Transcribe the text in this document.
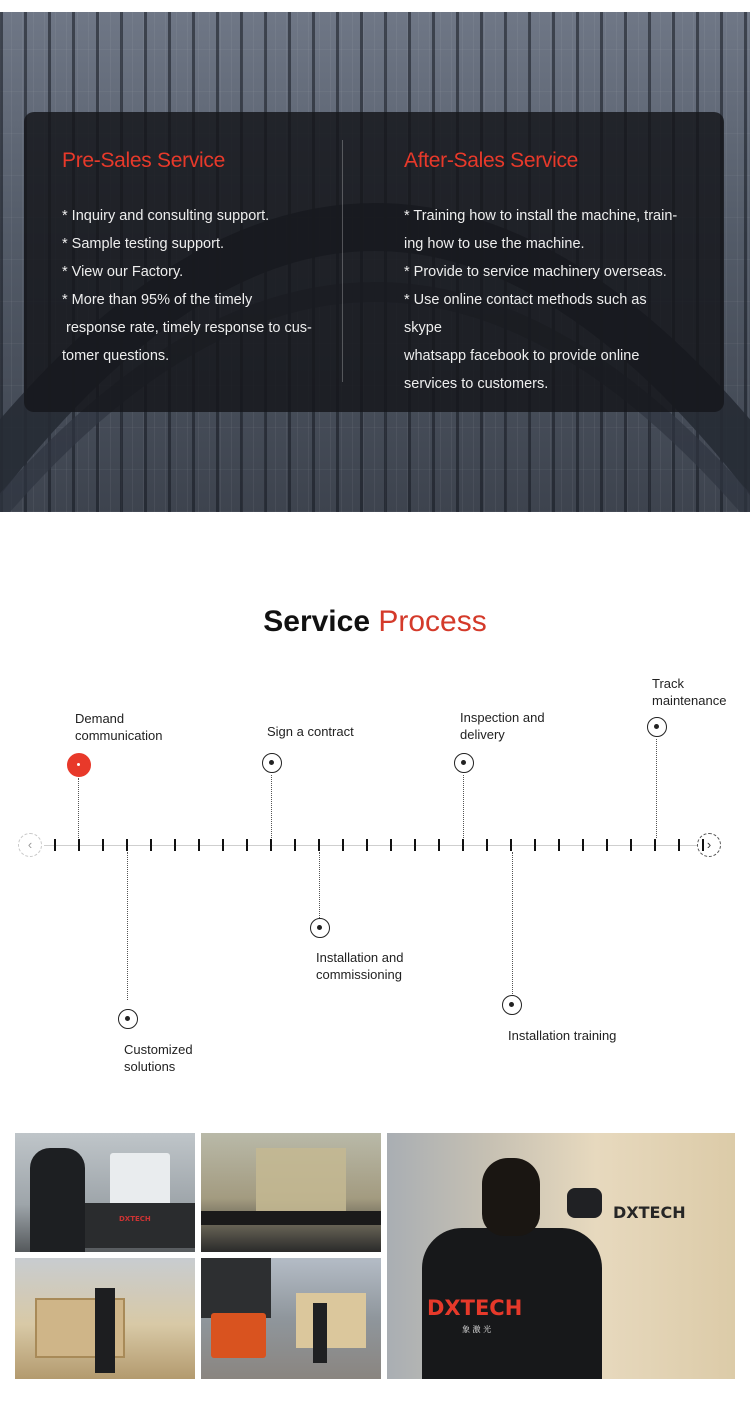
Pre-Sales Service

* Inquiry and consulting support.

* Sample testing support.

* View our Factory.

* More than 95% of the timely

response rate, timely response to cus-

tomer questions.

After-Sales Service

* Training how to install the machine, train-

ing how to use the machine.

* Provide to service machinery overseas.

* Use online contact methods such as skype

whatsapp facebook to provide online

services to customers.

Service Process
‹	›
Demand
communication
Customized
solutions
Sign a contract
Installation and
commissioning
Inspection and
delivery
Installation training
Track
maintenance
DXTECH	DXTECH
DXTECH
象 激 光
